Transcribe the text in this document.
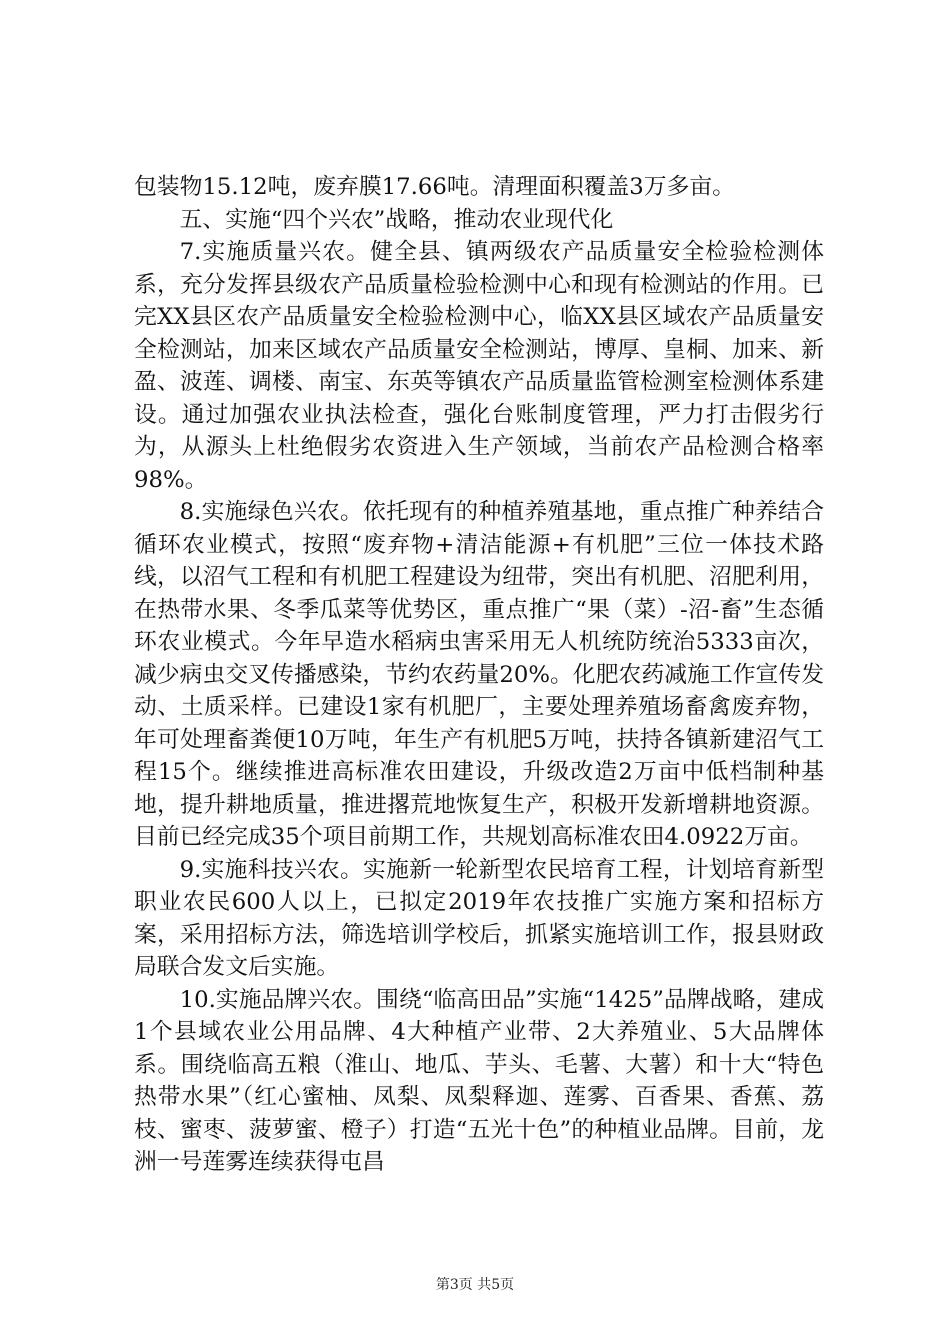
包装物15.12吨，废弃膜17.66吨。清理面积覆盖3万多亩。

五、实施“四个兴农”战略，推动农业现代化

7.实施质量兴农。健全县、镇两级农产品质量安全检验检测体系，充分发挥县级农产品质量检验检测中心和现有检测站的作用。已完XX县区农产品质量安全检验检测中心，临XX县区域农产品质量安全检测站，加来区域农产品质量安全检测站，博厚、皇桐、加来、新盈、波莲、调楼、南宝、东英等镇农产品质量监管检测室检测体系建设。通过加强农业执法检查，强化台账制度管理，严力打击假劣行为，从源头上杜绝假劣农资进入生产领域，当前农产品检测合格率98%。

8.实施绿色兴农。依托现有的种植养殖基地，重点推广种养结合循环农业模式，按照“废弃物+清洁能源+有机肥”三位一体技术路线，以沼气工程和有机肥工程建设为纽带，突出有机肥、沼肥利用，在热带水果、冬季瓜菜等优势区，重点推广“果（菜）-沼-畜”生态循环农业模式。今年早造水稻病虫害采用无人机统防统治5333亩次，减少病虫交叉传播感染，节约农药量20%。化肥农药减施工作宣传发动、土质采样。已建设1家有机肥厂，主要处理养殖场畜禽废弃物，年可处理畜粪便10万吨，年生产有机肥5万吨，扶持各镇新建沼气工程15个。继续推进高标准农田建设，升级改造2万亩中低档制种基地，提升耕地质量，推进撂荒地恢复生产，积极开发新增耕地资源。目前已经完成35个项目前期工作，共规划高标准农田4.0922万亩。

9.实施科技兴农。实施新一轮新型农民培育工程，计划培育新型职业农民600人以上，已拟定2019年农技推广实施方案和招标方案，采用招标方法，筛选培训学校后，抓紧实施培训工作，报县财政局联合发文后实施。

10.实施品牌兴农。围绕“临高田品”实施“1425”品牌战略，建成1个县域农业公用品牌、4大种植产业带、2大养殖业、5大品牌体系。围绕临高五粮（淮山、地瓜、芋头、毛薯、大薯）和十大“特色热带水果”（红心蜜柚、凤梨、凤梨释迦、莲雾、百香果、香蕉、荔枝、蜜枣、菠萝蜜、橙子）打造“五光十色”的种植业品牌。目前，龙洲一号莲雾连续获得屯昌

第3页 共5页
